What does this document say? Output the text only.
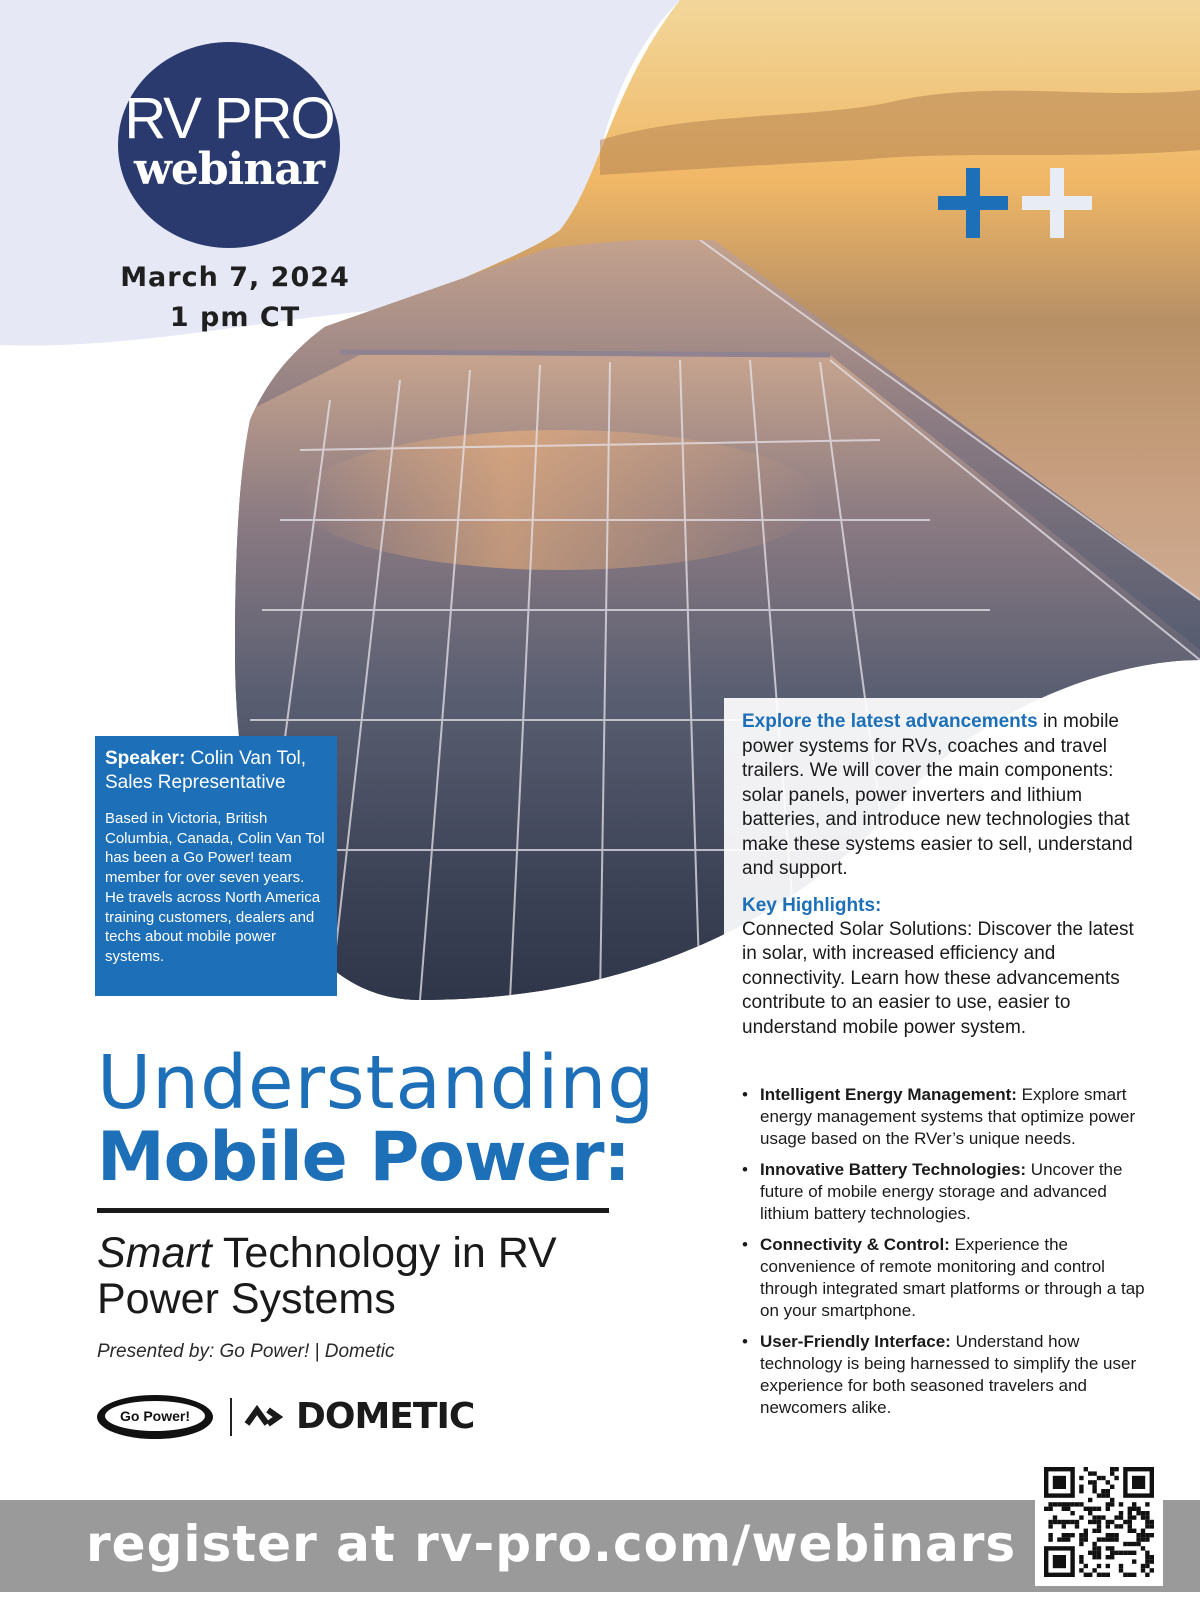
RV PRO
webinar
March 7, 2024
1 pm CT
Speaker: Colin Van Tol,
Sales Representative
Based in Victoria, British Columbia, Canada, Colin Van Tol has been a Go Power! team member for over seven years. He travels across North America training customers, dealers and techs about mobile power systems.
Explore the latest advancements in mobile power systems for RVs, coaches and travel trailers. We will cover the main components: solar panels, power inverters and lithium batteries, and introduce new technologies that make these systems easier to sell, understand and support.
Key Highlights:
Connected Solar Solutions: Discover the latest in solar, with increased efficiency and connectivity. Learn how these advancements contribute to an easier to use, easier to understand mobile power system.
• Intelligent Energy Management: Explore smart energy management systems that optimize power usage based on the RVer’s unique needs.
• Innovative Battery Technologies: Uncover the future of mobile energy storage and advanced lithium battery technologies.
• Connectivity & Control: Experience the convenience of remote monitoring and control through integrated smart platforms or through a tap on your smartphone.
• User-Friendly Interface: Understand how technology is being harnessed to simplify the user experience for both seasoned travelers and newcomers alike.
Understanding
Mobile Power:
Smart Technology in RV Power Systems
Presented by: Go Power! | Dometic
Go Power!	DOMETIC
register at rv-pro.com/webinars
